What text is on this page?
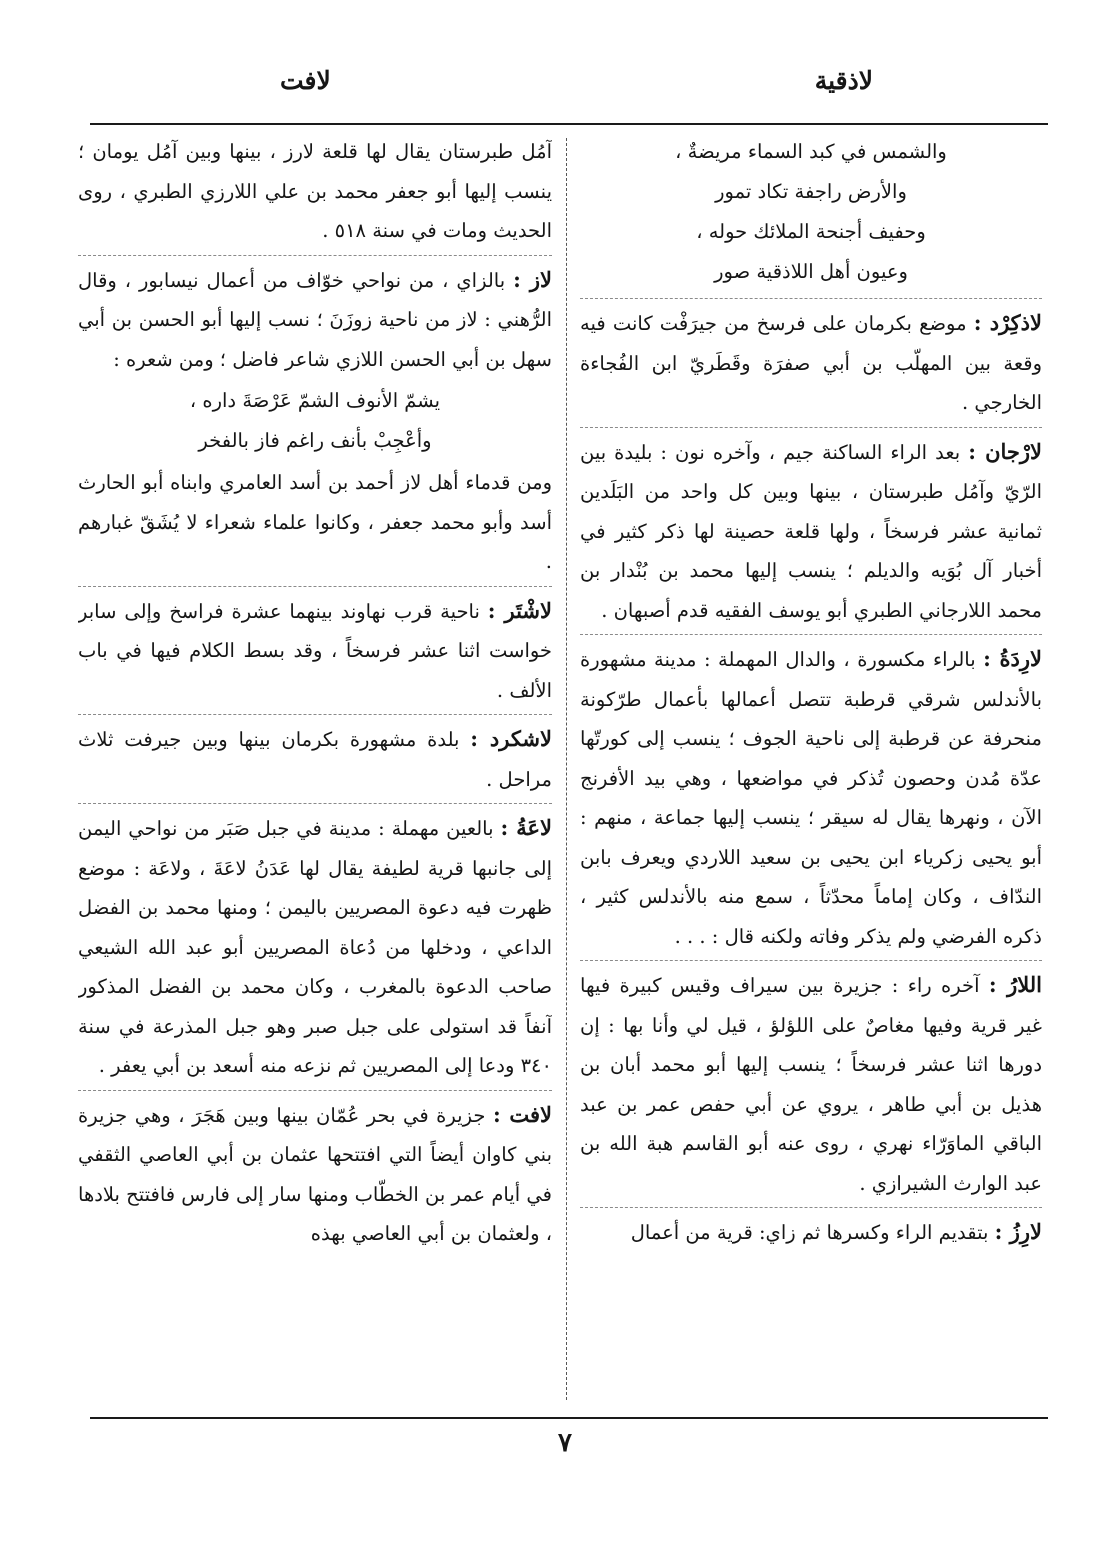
لاذقية
لافت

والشمس في كبد السماء مريضةٌ ،

والأرض راجفة تكاد تمور

وحفيف أجنحة الملائك حوله ،

وعيون أهل اللاذقية صور

لاذكِرْد : موضع بكرمان على فرسخ من جيرَفْت كانت فيه وقعة بين المهلّب بن أبي صفرَة وقَطَريّ ابن الفُجاءة الخارجي .

لارْجان : بعد الراء الساكنة جيم ، وآخره نون : بليدة بين الرّيّ وآمُل طبرستان ، بينها وبين كل واحد من البَلَدين ثمانية عشر فرسخاً ، ولها قلعة حصينة لها ذكر كثير في أخبار آل بُوَيه والديلم ؛ ينسب إليها محمد بن بُنْدار بن محمد اللارجاني الطبري أبو يوسف الفقيه قدم أصبهان .

لارِدَةُ : بالراء مكسورة ، والدال المهملة : مدينة مشهورة بالأندلس شرقي قرطبة تتصل أعمالها بأعمال طرّكونة منحرفة عن قرطبة إلى ناحية الجوف ؛ ينسب إلى كورتّها عدّة مُدن وحصون تُذكر في مواضعها ، وهي بيد الأفرنج الآن ، ونهرها يقال له سيقر ؛ ينسب إليها جماعة ، منهم : أبو يحيى زكرياء ابن يحيى بن سعيد اللاردي ويعرف بابن الندّاف ، وكان إماماً محدّثاً ، سمع منه بالأندلس كثير ، ذكره الفرضي ولم يذكر وفاته ولكنه قال : . . .

اللارُ : آخره راء : جزيرة بين سيراف وقيس كبيرة فيها غير قرية وفيها مغاصٌ على اللؤلؤ ، قيل لي وأنا بها : إن دورها اثنا عشر فرسخاً ؛ ينسب إليها أبو محمد أبان بن هذيل بن أبي طاهر ، يروي عن أبي حفص عمر بن عبد الباقي الماوَرّاء نهري ، روى عنه أبو القاسم هبة الله بن عبد الوارث الشيرازي .

لارِزُ : بتقديم الراء وكسرها ثم زاي: قرية من أعمال

آمُل طبرستان يقال لها قلعة لارز ، بينها وبين آمُل يومان ؛ ينسب إليها أبو جعفر محمد بن علي اللارزي الطبري ، روى الحديث ومات في سنة ٥١٨ .

لاز : بالزاي ، من نواحي خوّاف من أعمال نيسابور ، وقال الرُّهني : لاز من ناحية زوزَنَ ؛ نسب إليها أبو الحسن بن أبي سهل بن أبي الحسن اللازي شاعر فاضل ؛ ومن شعره :

يشمّ الأنوف الشمّ عَرْصَةَ داره ،

وأعْجِبْ بأنف راغم فاز بالفخر

ومن قدماء أهل لاز أحمد بن أسد العامري وابناه أبو الحارث أسد وأبو محمد جعفر ، وكانوا علماء شعراء لا يُشَقّ غبارهم .

لاشْتَر : ناحية قرب نهاوند بينهما عشرة فراسخ وإلى سابر خواست اثنا عشر فرسخاً ، وقد بسط الكلام فيها في باب الألف .

لاشكرد : بلدة مشهورة بكرمان بينها وبين جيرفت ثلاث مراحل .

لاعَةُ : بالعين مهملة : مدينة في جبل صَبَر من نواحي اليمن إلى جانبها قرية لطيفة يقال لها عَدَنُ لاعَةَ ، ولاعَة : موضع ظهرت فيه دعوة المصريين باليمن ؛ ومنها محمد بن الفضل الداعي ، ودخلها من دُعاة المصريين أبو عبد الله الشيعي صاحب الدعوة بالمغرب ، وكان محمد بن الفضل المذكور آنفاً قد استولى على جبل صبر وهو جبل المذرعة في سنة ٣٤٠ ودعا إلى المصريين ثم نزعه منه أسعد بن أبي يعفر .

لافت : جزيرة في بحر عُمّان بينها وبين هَجَرَ ، وهي جزيرة بني كاوان أيضاً التي افتتحها عثمان بن أبي العاصي الثقفي في أيام عمر بن الخطّاب ومنها سار إلى فارس فافتتح بلادها ، ولعثمان بن أبي العاصي بهذه

٧
